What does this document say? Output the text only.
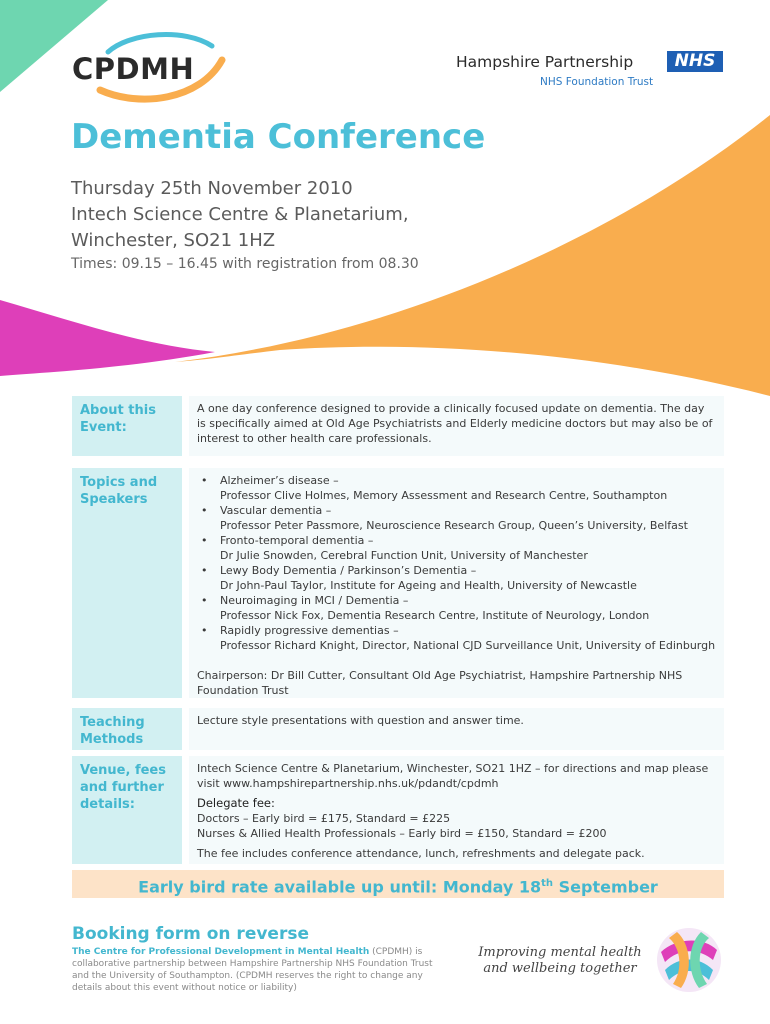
CPDMH	Hampshire Partnership	NHS
NHS Foundation Trust
Dementia Conference
Thursday 25th November 2010
Intech Science Centre & Planetarium,
Winchester, SO21 1HZ
Times: 09.15 – 16.45 with registration from 08.30
About this Event:

A one day conference designed to provide a clinically focused update on dementia. The day is specifically aimed at Old Age Psychiatrists and Elderly medicine doctors but may also be of interest to other health care professionals.

Topics and Speakers
• Alzheimer’s disease –
Professor Clive Holmes, Memory Assessment and Research Centre, Southampton
• Vascular dementia –
Professor Peter Passmore, Neuroscience Research Group, Queen’s University, Belfast
• Fronto-temporal dementia –
Dr Julie Snowden, Cerebral Function Unit, University of Manchester
• Lewy Body Dementia / Parkinson’s Dementia –
Dr John-Paul Taylor, Institute for Ageing and Health, University of Newcastle
• Neuroimaging in MCI / Dementia –
Professor Nick Fox, Dementia Research Centre, Institute of Neurology, London
• Rapidly progressive dementias –
Professor Richard Knight, Director, National CJD Surveillance Unit, University of Edinburgh

Chairperson: Dr Bill Cutter, Consultant Old Age Psychiatrist, Hampshire Partnership NHS Foundation Trust

Teaching Methods

Lecture style presentations with question and answer time.

Venue, fees and further details:

Intech Science Centre & Planetarium, Winchester, SO21 1HZ – for directions and map please visit www.hampshirepartnership.nhs.uk/pdandt/cpdmh

Delegate fee:

Doctors – Early bird = £175, Standard = £225

Nurses & Allied Health Professionals – Early bird = £150, Standard = £200

The fee includes conference attendance, lunch, refreshments and delegate pack.

Early bird rate available up until: Monday 18th September
Booking form on reverse
The Centre for Professional Development in Mental Health (CPDMH) is collaborative partnership between Hampshire Partnership NHS Foundation Trust and the University of Southampton. (CPDMH reserves the right to change any details about this event without notice or liability)
Improving mental health
and wellbeing together
